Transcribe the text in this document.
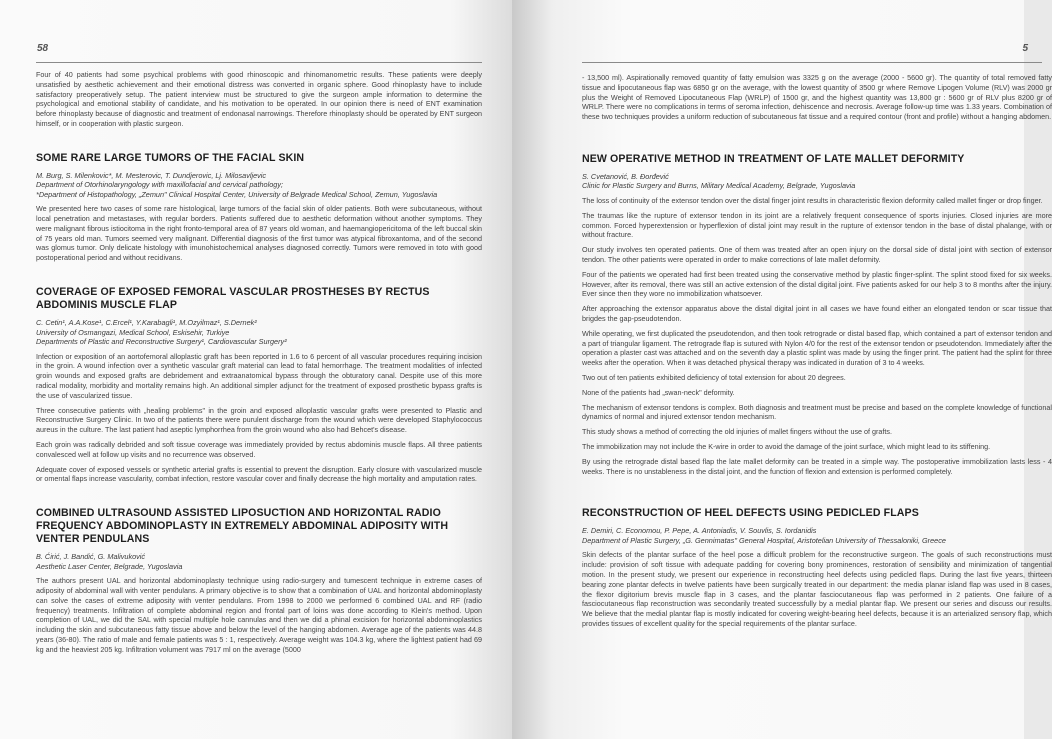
58

Four of 40 patients had some psychical problems with good rhinoscopic and rhinomanometric results. These patients were deeply unsatisfied by aesthetic achievement and their emotional distress was converted in organic sphere. Good rhinoplasty have to include satisfactory preoperatively setup. The patient interview must be structured to give the surgeon ample information to determine the psychological and emotional stability of candidate, and his motivation to be operated. In our opinion there is need of ENT examination before rhinoplasty because of diagnostic and treatment of endonasal narrowings. Therefore rhinoplasty should be operated by ENT surgeon himself, or in cooperation with plastic surgeon.

SOME RARE LARGE TUMORS OF THE FACIAL SKIN
M. Burg, S. Milenkovic*, M. Mesterovic, T. Dundjerovic, Lj. Milosavljevic
Department of Otorhinolaryngology with maxillofacial and cervical pathology;
*Department of Histopathology, „Zemun" Clinical Hospital Center, University of Belgrade Medical School, Zemun, Yugoslavia

We presented here two cases of some rare histological, large tumors of the facial skin of older patients. Both were subcutaneous, without local penetration and metastases, with regular borders. Patients suffered due to aesthetic deformation without another symptoms. They were malignant fibrous istiocitoma in the right fronto-temporal area of 87 years old woman, and haemangiopericitoma of the left buccal skin of 75 years old man. Tumors seemed very malignant. Differential diagnosis of the first tumor was atypical fibroxantoma, and of the second was glomus tumor. Only delicate histology with imunohistochemical analyses diagnosed correctly. Tumors were removed in toto with good postoperational period and without recidivans.

COVERAGE OF EXPOSED FEMORAL VASCULAR PROSTHESES BY RECTUS ABDOMINIS MUSCLE FLAP
C. Cetin¹, A.A.Kose¹, C.Ercel¹, Y.Karabagli¹, M.Ozyilmaz¹, S.Dernek²
University of Osmangazi, Medical School, Eskisehir, Turkiye
Departments of Plastic and Reconstructive Surgery¹, Cardiovascular Surgery²

Infection or exposition of an aortofemoral alloplastic graft has been reported in 1.6 to 6 percent of all vascular procedures requiring incision in the groin. A wound infection over a synthetic vascular graft material can lead to fatal hemorrhage. The treatment modalities of infected groin wounds and exposed grafts are debridement and extraanatomical bypass through the obturatory canal. Despite use of this more radical modality, morbidity and mortality remains high. An additional simpler adjunct for the treatment of exposed prosthetic bypass grafts is the use of vascularized tissue.

Three consecutive patients with „healing problems" in the groin and exposed alloplastic vascular grafts were presented to Plastic and Reconstructive Surgery Clinic. In two of the patients there were purulent discharge from the wound which were developed Staphylococcus aureus in the culture. The last patient had aseptic lymphorrhea from the groin wound who also had Behcet's disease.

Each groin was radically debrided and soft tissue coverage was immediately provided by rectus abdominis muscle flaps. All three patients convalesced well at follow up visits and no recurrence was observed.

Adequate cover of exposed vessels or synthetic arterial grafts is essential to prevent the disruption. Early closure with vascularized muscle or omental flaps increase vascularity, combat infection, restore vascular cover and finally decrease the high mortality and amputation rates.

COMBINED ULTRASOUND ASSISTED LIPOSUCTION AND HORIZONTAL RADIO FREQUENCY ABDOMINOPLASTY IN EXTREMELY ABDOMINAL ADIPOSITY WITH VENTER PENDULANS
B. Ćirić, J. Bandić, G. Malivuković
Aesthetic Laser Center, Belgrade, Yugoslavia

The authors present UAL and horizontal abdominoplasty technique using radio-surgery and tumescent technique in extreme cases of adiposity of abdominal wall with venter pendulans. A primary objective is to show that a combination of UAL and horizontal abdominoplasty can solve the cases of extreme adiposity with venter pendulans. From 1998 to 2000 we performed 6 combined UAL and RF (radio frequency) treatments. Infiltration of complete abdominal region and frontal part of loins was done according to Klein's method. Upon completion of UAL, we did the SAL with special multiple hole cannulas and then we did a phinal excision for horizontal abdominoplastics including the skin and subcutaneous fatty tissue above and below the level of the hanging abdomen. Average age of the patients was 44.8 years (36-80). The ratio of male and female patients was 5 : 1, respectively. Average weight was 104.3 kg, where the lightest patient had 69 kg and the heaviest 205 kg. Infiltration volument was 7917 ml on the average (5000

5

- 13,500 ml). Aspirationally removed quantity of fatty emulsion was 3325 g on the average (2000 - 5600 gr). The quantity of total removed fatty tissue and lipocutaneous flap was 6850 gr on the average, with the lowest quantity of 3500 gr where Remove Lipogen Volume (RLV) was 2000 gr plus the Weight of Removed Lipocutaneous Flap (WRLP) of 1500 gr, and the highest quantity was 13,800 gr : 5600 gr of RLV plus 8200 gr of WRLP. There were no complications in terms of seroma infection, dehiscence and necrosis. Average follow-up time was 1.33 years. Combination of these two techniques provides a uniform reduction of subcutaneous fat tissue and a required contour (front and profile) without a hanging abdomen.

NEW OPERATIVE METHOD IN TREATMENT OF LATE MALLET DEFORMITY
S. Cvetanović, B. Đorđević
Clinic for Plastic Surgery and Burns, Military Medical Academy, Belgrade, Yugoslavia

The loss of continuity of the extensor tendon over the distal finger joint results in characteristic flexion deformity called mallet finger or drop finger.

The traumas like the rupture of extensor tendon in its joint are a relatively frequent consequence of sports injuries. Closed injuries are more common. Forced hyperextension or hyperflexion of distal joint may result in the rupture of extensor tendon in the base of distal phalange, with or without fracture.

Our study involves ten operated patients. One of them was treated after an open injury on the dorsal side of distal joint with section of extensor tendon. The other patients were operated in order to make corrections of late mallet deformity.

Four of the patients we operated had first been treated using the conservative method by plastic finger-splint. The splint stood fixed for six weeks. However, after its removal, there was still an active extension of the distal digital joint. Five patients asked for our help 3 to 8 months after the injury. Ever since then they wore no immobilization whatsoever.

After approaching the extensor apparatus above the distal digital joint in all cases we have found either an elongated tendon or scar tissue that brigdes the gap-pseudotendon.

While operating, we first duplicated the pseudotendon, and then took retrograde or distal based flap, which contained a part of extensor tendon and a part of triangular ligament. The retrograde flap is sutured with Nylon 4/0 for the rest of the extensor tendon or pseudotendon. Immediately after the operation a plaster cast was attached and on the seventh day a plastic splint was made by using the finger print. The patient had the splint for three weeks after the operation. When it was detached physical therapy was indicated in duration of 3 to 4 weeks.

Two out of ten patients exhibited deficiency of total extension for about 20 degrees.

None of the patients had „swan-neck" deformity.

The mechanism of extensor tendons is complex. Both diagnosis and treatment must be precise and based on the complete knowledge of functional dynamics of normal and injured extensor tendon mechanism.

This study shows a method of correcting the old injuries of mallet fingers without the use of grafts.

The immobilization may not include the K-wire in order to avoid the damage of the joint surface, which might lead to its stiffening.

By using the retrograde distal based flap the late mallet deformity can be treated in a simple way. The postoperative immobilization lasts less - 4 weeks. There is no unstableness in the distal joint, and the function of flexion and extension is performed completely.

RECONSTRUCTION OF HEEL DEFECTS USING PEDICLED FLAPS
E. Demiri, C. Economou, P. Pepe, A. Antoniadis, V. Souvlis, S. Iordanidis
Department of Plastic Surgery, „G. Gennimatas" General Hospital, Aristotelian University of Thessaloniki, Greece

Skin defects of the plantar surface of the heel pose a difficult problem for the reconstructive surgeon. The goals of such reconstructions must include: provision of soft tissue with adequate padding for covering bony prominences, restoration of sensibility and minimization of tangential motion. In the present study, we present our experience in reconstructing heel defects using pedicled flaps. During the last five years, thirteen bearing zone plantar defects in twelve patients have been surgically treated in our department: the media planar island flap was used in 8 cases, the flexor digitorium brevis muscle flap in 3 cases, and the plantar fasciocutaneous flap was performed in 2 patients. One failure of a fasciocutaneous flap reconstruction was secondarily treated successfully by a medial plantar flap. We present our series and discuss our results. We believe that the medial plantar flap is mostly indicated for covering weight-bearing heel defects, because it is an arterialized sensory flap, which provides tissues of excellent quality for the special requirements of the plantar surface.
